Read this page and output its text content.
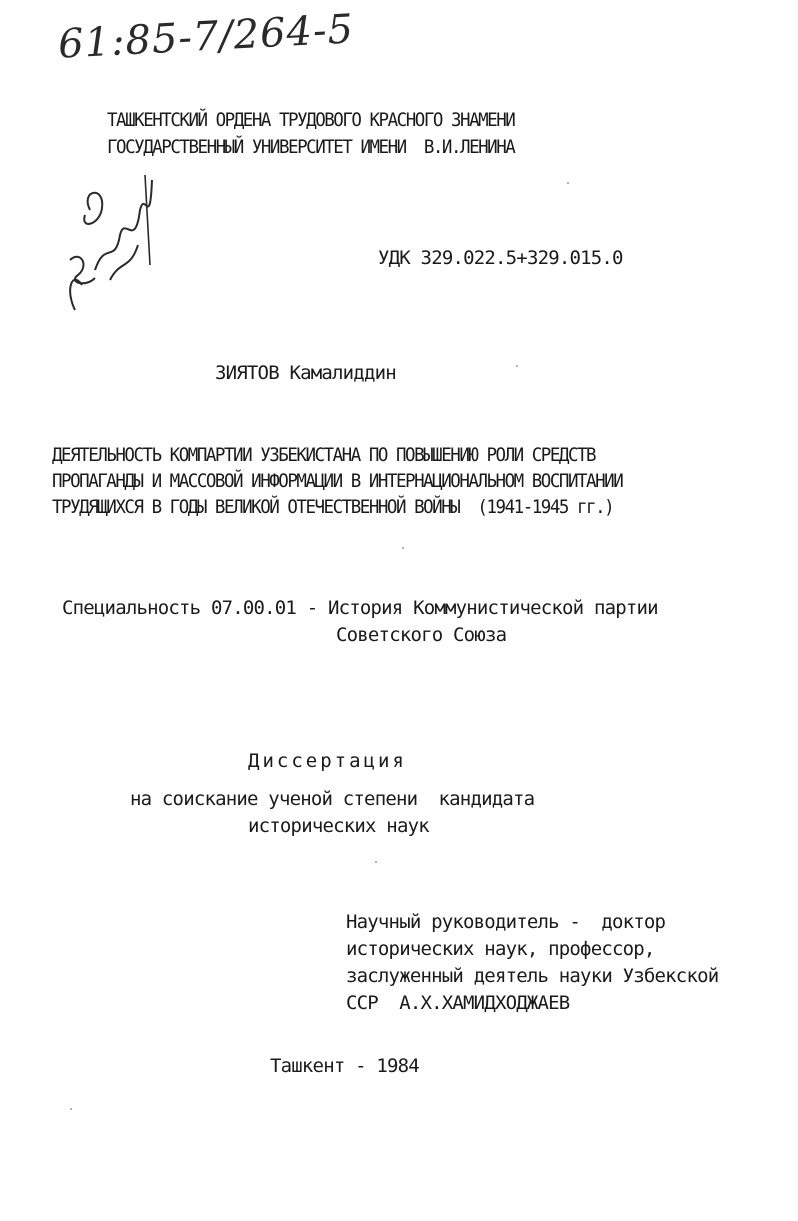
61:85-7/264-5
ТАШКЕНТСКИЙ ОРДЕНА ТРУДОВОГО КРАСНОГО ЗНАМЕНИ
ГОСУДАРСТВЕННЫЙ УНИВЕРСИТЕТ ИМЕНИ  В.И.ЛЕНИНА
УДК 329.022.5+329.015.0
ЗИЯТОВ Камалиддин
ДЕЯТЕЛЬНОСТЬ КОМПАРТИИ УЗБЕКИСТАНА ПО ПОВЫШЕНИЮ РОЛИ СРЕДСТВ
ПРОПАГАНДЫ И МАССОВОЙ ИНФОРМАЦИИ В ИНТЕРНАЦИОНАЛЬНОМ ВОСПИТАНИИ
ТРУДЯЩИХСЯ В ГОДЫ ВЕЛИКОЙ ОТЕЧЕСТВЕННОЙ ВОЙНЫ  (1941-1945 гг.)
Специальность 07.00.01 - История Коммунистической партии
Советского Союза
Диссертация
на соискание ученой степени  кандидата
исторических наук
Научный руководитель -  доктор
исторических наук, профессор,
заслуженный деятель науки Узбекской
ССР  А.Х.ХАМИДХОДЖАЕВ
Ташкент - 1984
